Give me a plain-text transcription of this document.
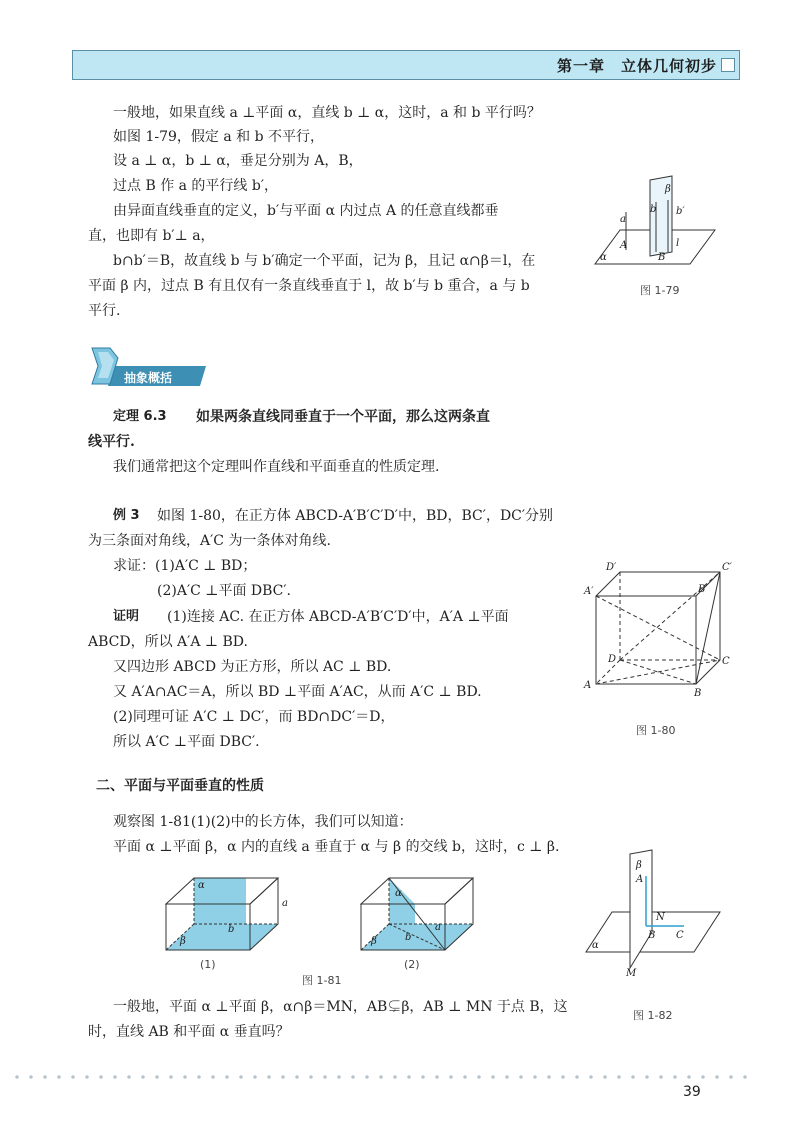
第一章　立体几何初步
一般地，如果直线 a ⊥平面 α，直线 b ⊥ α，这时，a 和 b 平行吗？
如图 1-79，假定 a 和 b 不平行，
设 a ⊥ α，b ⊥ α，垂足分别为 A，B，
过点 B 作 a 的平行线 b′，
由异面直线垂直的定义，b′与平面 α 内过点 A 的任意直线都垂
直，也即有 b′⊥ a，
b∩b′＝B，故直线 b 与 b′确定一个平面，记为 β，且记 α∩β＝l，在
平面 β 内，过点 B 有且仅有一条直线垂直于 l，故 b′与 b 重合，a 与 b
平行.
a
b b′
β
A
B
l
α
图 1-79
抽象概括
定理 6.3 如果两条直线同垂直于一个平面，那么这两条直
线平行.
我们通常把这个定理叫作直线和平面垂直的性质定理.
例 3 如图 1-80，在正方体 ABCD-A′B′C′D′中，BD，BC′，DC′分别
为三条面对角线，A′C 为一条体对角线.
求证：(1)A′C ⊥ BD；
(2)A′C ⊥平面 DBC′.
证明 (1)连接 AC. 在正方体 ABCD-A′B′C′D′中，A′A ⊥平面
ABCD，所以 A′A ⊥ BD.
又四边形 ABCD 为正方形，所以 AC ⊥ BD.
又 A′A∩AC＝A，所以 BD ⊥平面 A′AC，从而 A′C ⊥ BD.
(2)同理可证 A′C ⊥ DC′，而 BD∩DC′＝D，
所以 A′C ⊥平面 DBC′.
D′	C′
A′	B′
D	C
A
B
图 1-80
二、平面与平面垂直的性质
观察图 1-81(1)(2)中的长方体，我们可以知道：
平面 α ⊥平面 β，α 内的直线 a 垂直于 α 与 β 的交线 b，这时，c ⊥ β.
α
a
b
β
(1)
α
a
b
β
(2)
图 1-81
β
A
N
B C
α
M
图 1-82
一般地，平面 α ⊥平面 β，α∩β＝MN，AB⊊β，AB ⊥ MN 于点 B，这
时，直线 AB 和平面 α 垂直吗？
39
